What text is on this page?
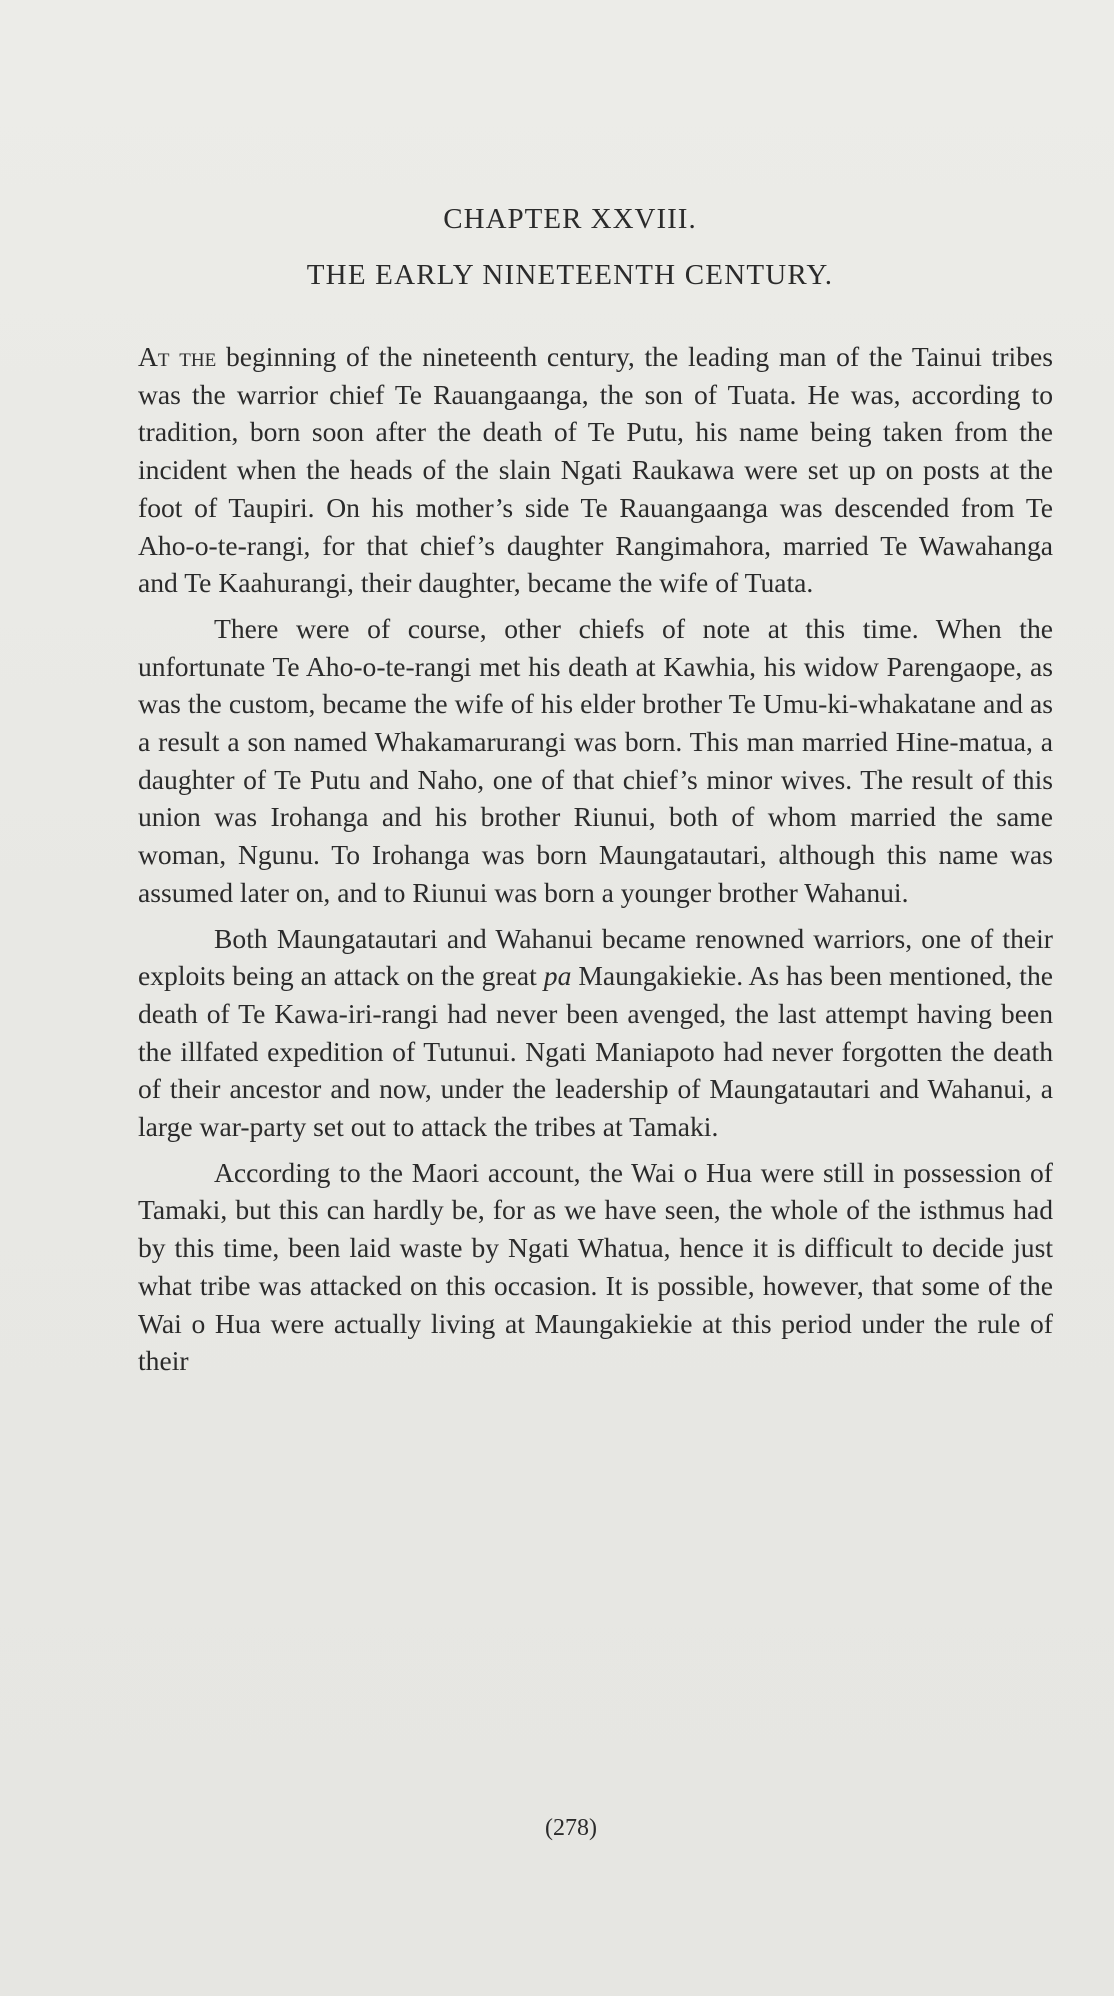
CHAPTER XXVIII.
THE EARLY NINETEENTH CENTURY.

At the beginning of the nineteenth century, the leading man of the Tainui tribes was the warrior chief Te Rauangaanga, the son of Tuata. He was, according to tradition, born soon after the death of Te Putu, his name being taken from the incident when the heads of the slain Ngati Raukawa were set up on posts at the foot of Taupiri. On his mother’s side Te Rauangaanga was descended from Te Aho-o-te-rangi, for that chief’s daughter Rangimahora, married Te Wawahanga and Te Kaahurangi, their daughter, became the wife of Tuata.

There were of course, other chiefs of note at this time. When the unfortunate Te Aho-o-te-rangi met his death at Kawhia, his widow Parengaope, as was the custom, became the wife of his elder brother Te Umu-ki-whakatane and as a result a son named Whakamarurangi was born. This man married Hine-matua, a daughter of Te Putu and Naho, one of that chief’s minor wives. The result of this union was Irohanga and his brother Riunui, both of whom married the same woman, Ngunu. To Irohanga was born Maungatautari, although this name was assumed later on, and to Riunui was born a younger brother Wahanui.

Both Maungatautari and Wahanui became renowned warriors, one of their exploits being an attack on the great pa Maungakiekie. As has been mentioned, the death of Te Kawa-iri-rangi had never been avenged, the last attempt having been the illfated expedition of Tutunui. Ngati Maniapoto had never forgotten the death of their ancestor and now, under the leadership of Maungatautari and Wahanui, a large war-party set out to attack the tribes at Tamaki.

According to the Maori account, the Wai o Hua were still in possession of Tamaki, but this can hardly be, for as we have seen, the whole of the isthmus had by this time, been laid waste by Ngati Whatua, hence it is difficult to decide just what tribe was attacked on this occasion. It is possible, however, that some of the Wai o Hua were actually living at Maungakiekie at this period under the rule of their

(278)
